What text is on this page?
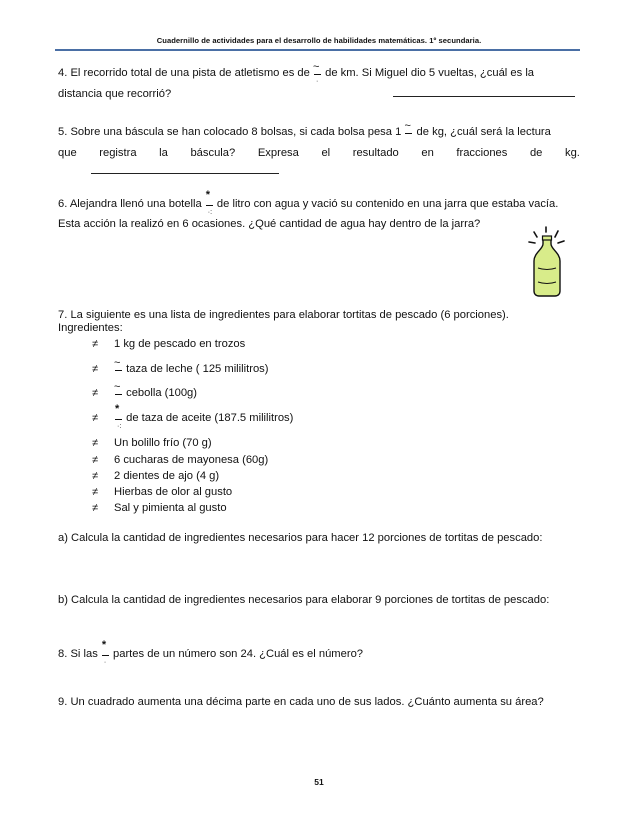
Cuadernillo de actividades para el desarrollo de habilidades matemáticas. 1º secundaria.
4. El recorrido total de una pista de atletismo es de $\frac{\sim}{\cdot}$ de km. Si Miguel dio 5 vueltas, ¿cuál es la
distancia que recorrió?
5. Sobre una báscula se han colocado 8 bolsas, si cada bolsa pesa 1 ~ de kg, ¿cuál será la lectura
que registra la báscula? Expresa el resultado en fracciones de kg.
6. Alejandra llenó una botella $\frac{*}{\cdot:}$ de litro con agua y vació su contenido en una jarra que estaba vacía.
Esta acción la realizó en 6 ocasiones. ¿Qué cantidad de agua hay dentro de la jarra?
7. La siguiente es una lista de ingredientes para elaborar tortitas de pescado (6 porciones).
Ingredientes:
≠ 1 kg de pescado en trozos
≠ ~ taza de leche ( 125 mililitros)
≠ ~ cebolla (100g)
≠ $\frac{*}{\cdot:}$ de taza de aceite (187.5 mililitros)
≠ Un bolillo frío (70 g)
≠ 6 cucharas de mayonesa (60g)
≠ 2 dientes de ajo (4 g)
≠ Hierbas de olor al gusto
≠ Sal y pimienta al gusto
a) Calcula la cantidad de ingredientes necesarios para hacer 12 porciones de tortitas de pescado:
b) Calcula la cantidad de ingredientes necesarios para elaborar 9 porciones de tortitas de pescado:
8. Si las $\frac{*}{\cdot}$ partes de un número son 24. ¿Cuál es el número?
9. Un cuadrado aumenta una décima parte en cada uno de sus lados. ¿Cuánto aumenta su área?
51
